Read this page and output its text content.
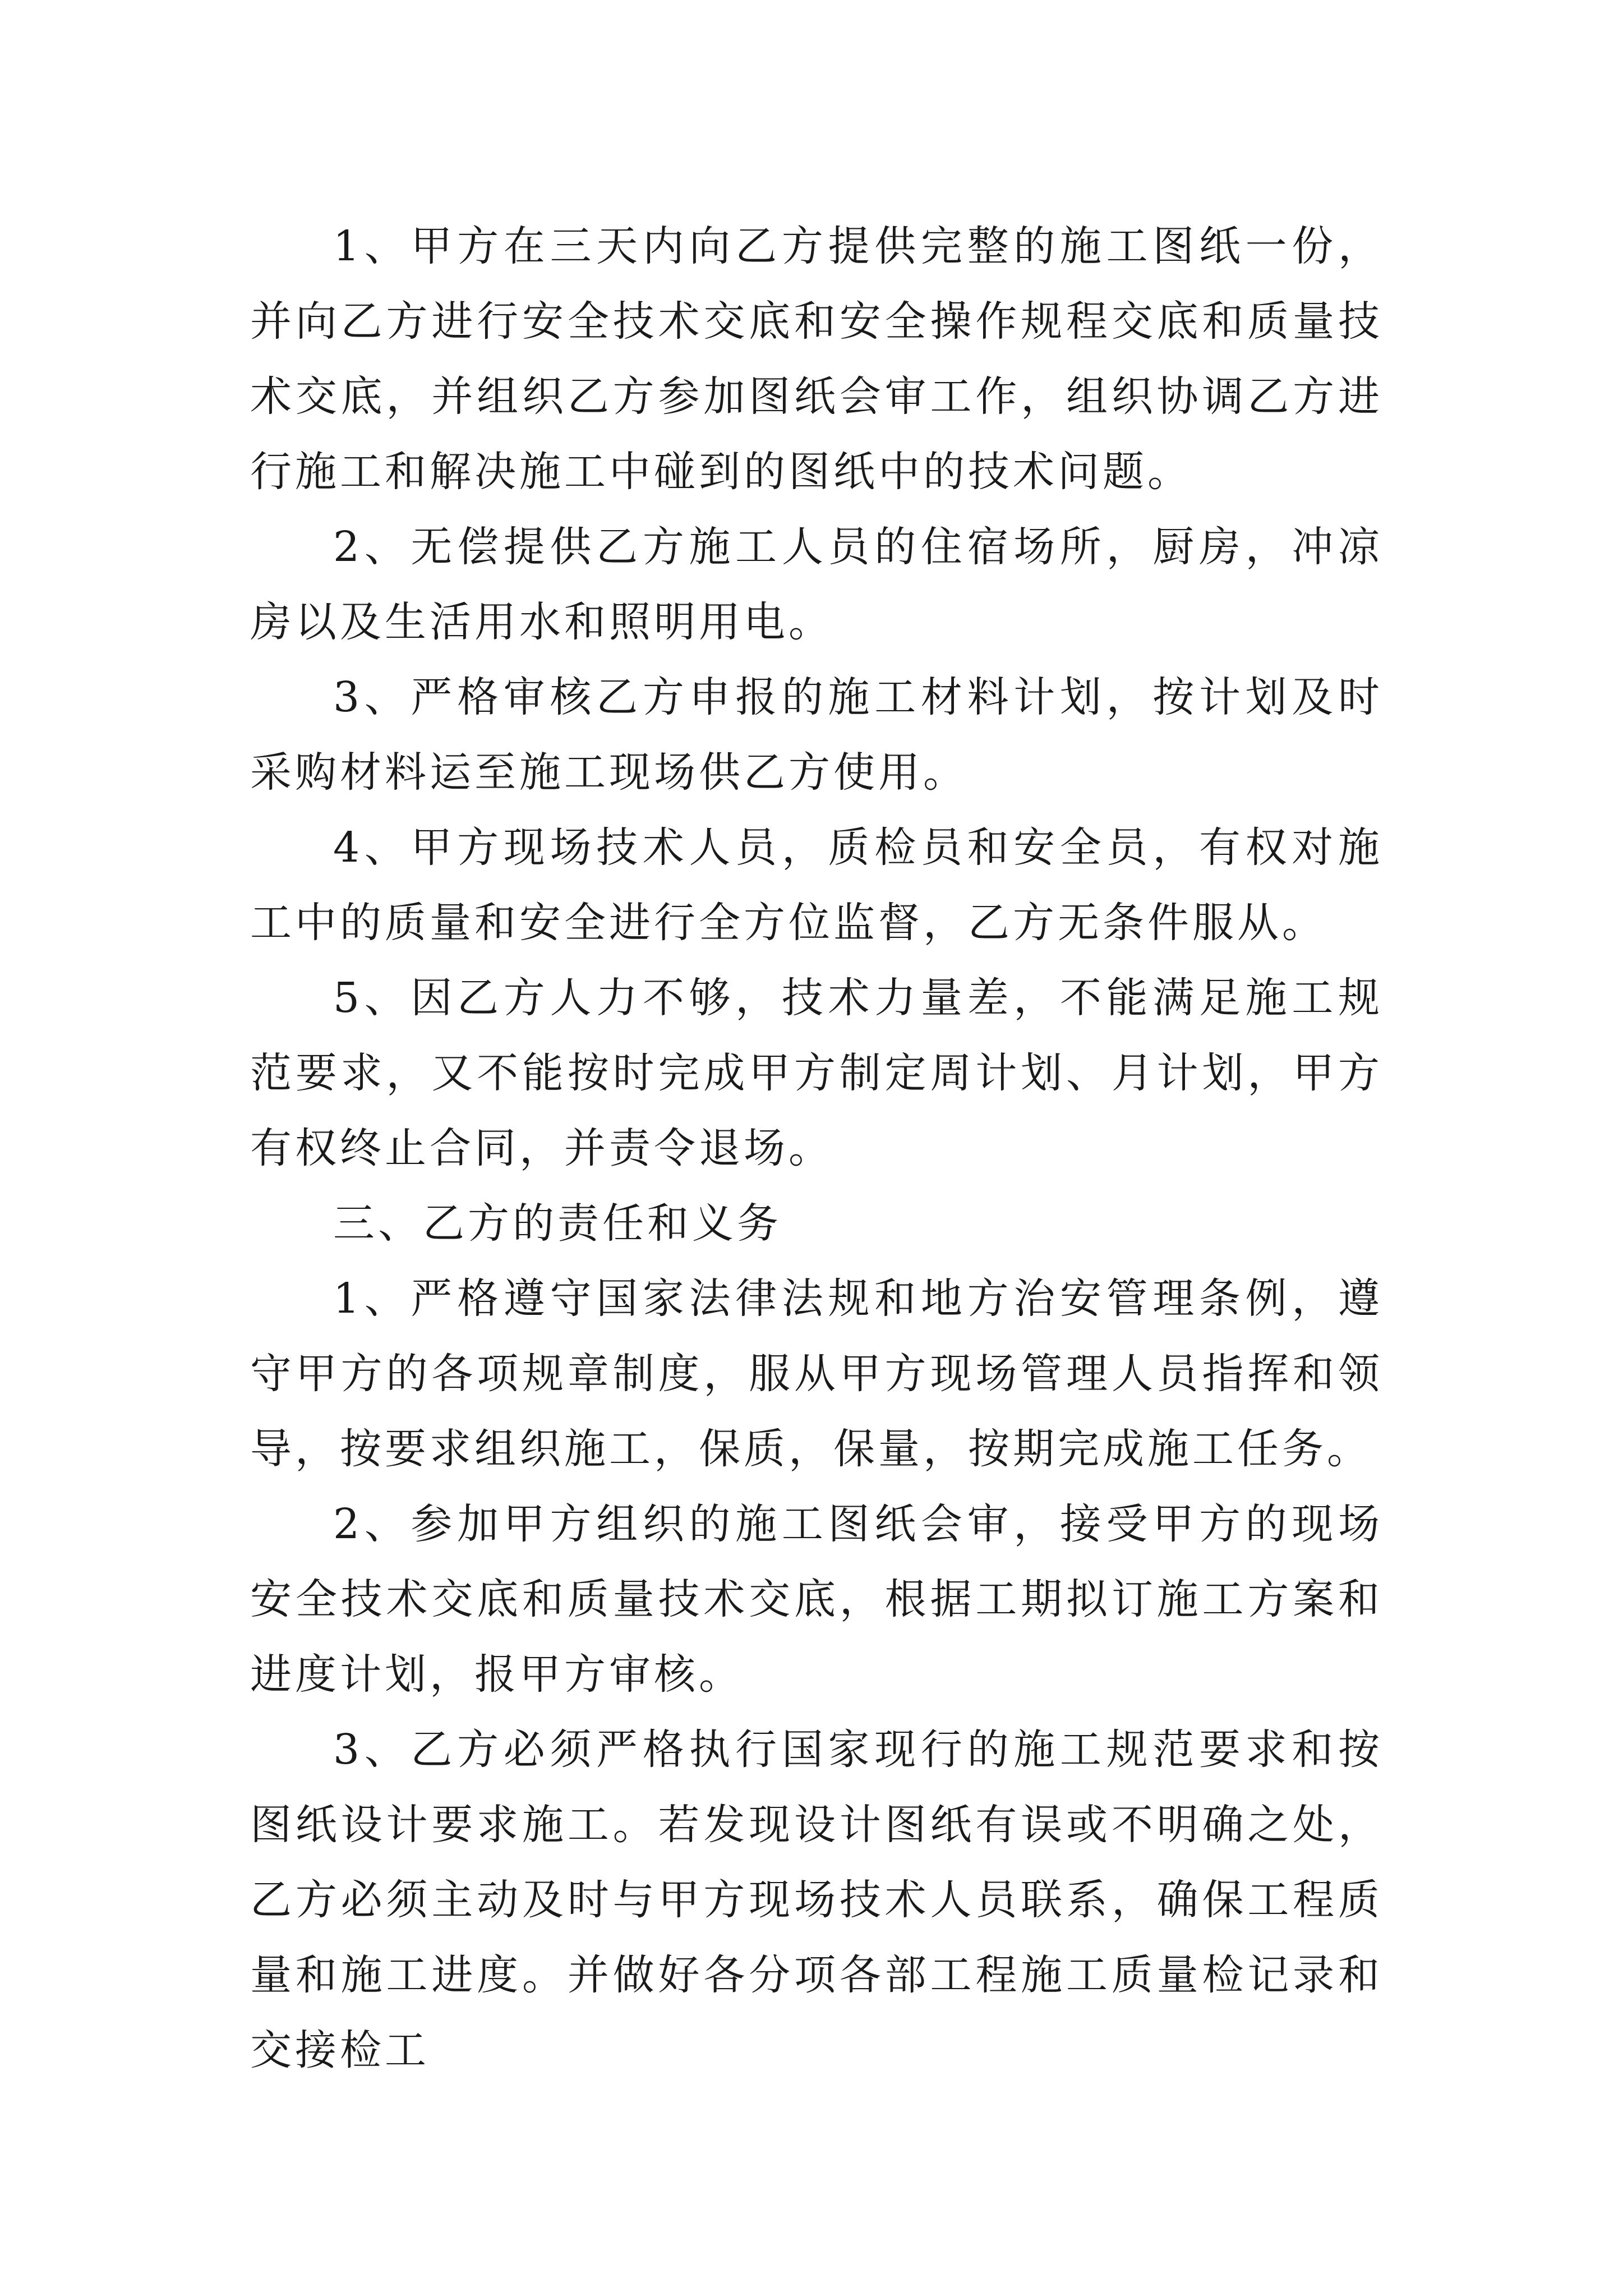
1、甲方在三天内向乙方提供完整的施工图纸一份，并向乙方进行安全技术交底和安全操作规程交底和质量技术交底，并组织乙方参加图纸会审工作，组织协调乙方进行施工和解决施工中碰到的图纸中的技术问题。

2、无偿提供乙方施工人员的住宿场所，厨房，冲凉房以及生活用水和照明用电。

3、严格审核乙方申报的施工材料计划，按计划及时采购材料运至施工现场供乙方使用。

4、甲方现场技术人员，质检员和安全员，有权对施工中的质量和安全进行全方位监督，乙方无条件服从。

5、因乙方人力不够，技术力量差，不能满足施工规范要求，又不能按时完成甲方制定周计划、月计划，甲方有权终止合同，并责令退场。

三、乙方的责任和义务

1、严格遵守国家法律法规和地方治安管理条例，遵守甲方的各项规章制度，服从甲方现场管理人员指挥和领导，按要求组织施工，保质，保量，按期完成施工任务。

2、参加甲方组织的施工图纸会审，接受甲方的现场安全技术交底和质量技术交底，根据工期拟订施工方案和进度计划，报甲方审核。

3、乙方必须严格执行国家现行的施工规范要求和按图纸设计要求施工。若发现设计图纸有误或不明确之处，乙方必须主动及时与甲方现场技术人员联系，确保工程质量和施工进度。并做好各分项各部工程施工质量检记录和交接检工
